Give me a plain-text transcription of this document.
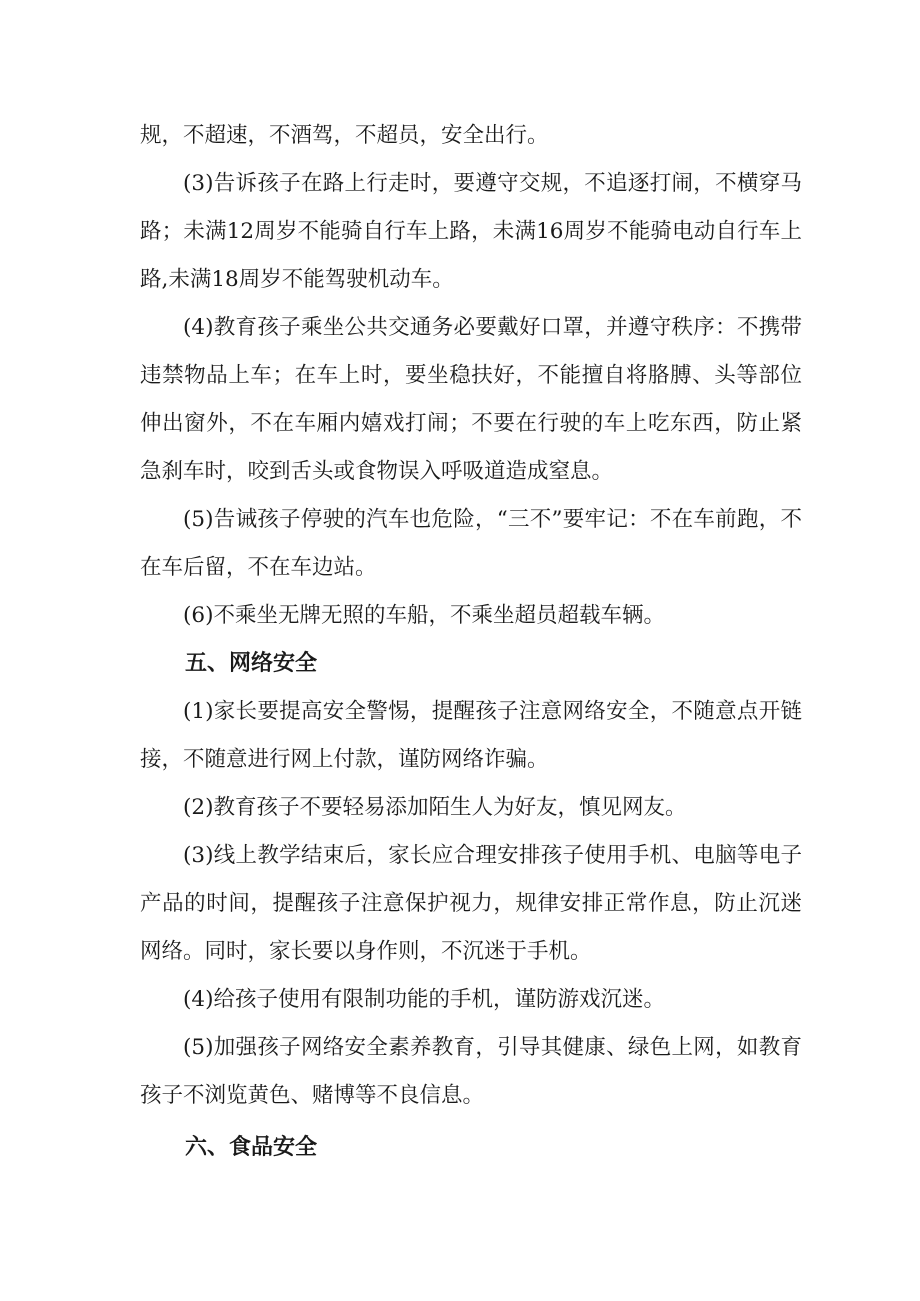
规，不超速，不酒驾，不超员，安全出行。

(3)告诉孩子在路上行走时，要遵守交规，不追逐打闹，不横穿马路；未满12周岁不能骑自行车上路，未满16周岁不能骑电动自行车上路,未满18周岁不能驾驶机动车。

(4)教育孩子乘坐公共交通务必要戴好口罩，并遵守秩序：不携带违禁物品上车；在车上时，要坐稳扶好，不能擅自将胳膊、头等部位伸出窗外，不在车厢内嬉戏打闹；不要在行驶的车上吃东西，防止紧急刹车时，咬到舌头或食物误入呼吸道造成窒息。

(5)告诫孩子停驶的汽车也危险，“三不”要牢记：不在车前跑，不在车后留，不在车边站。

(6)不乘坐无牌无照的车船，不乘坐超员超载车辆。

五、网络安全

(1)家长要提高安全警惕，提醒孩子注意网络安全，不随意点开链接，不随意进行网上付款，谨防网络诈骗。

(2)教育孩子不要轻易添加陌生人为好友，慎见网友。

(3)线上教学结束后，家长应合理安排孩子使用手机、电脑等电子产品的时间，提醒孩子注意保护视力，规律安排正常作息，防止沉迷网络。同时，家长要以身作则，不沉迷于手机。

(4)给孩子使用有限制功能的手机，谨防游戏沉迷。

(5)加强孩子网络安全素养教育，引导其健康、绿色上网，如教育孩子不浏览黄色、赌博等不良信息。

六、食品安全
